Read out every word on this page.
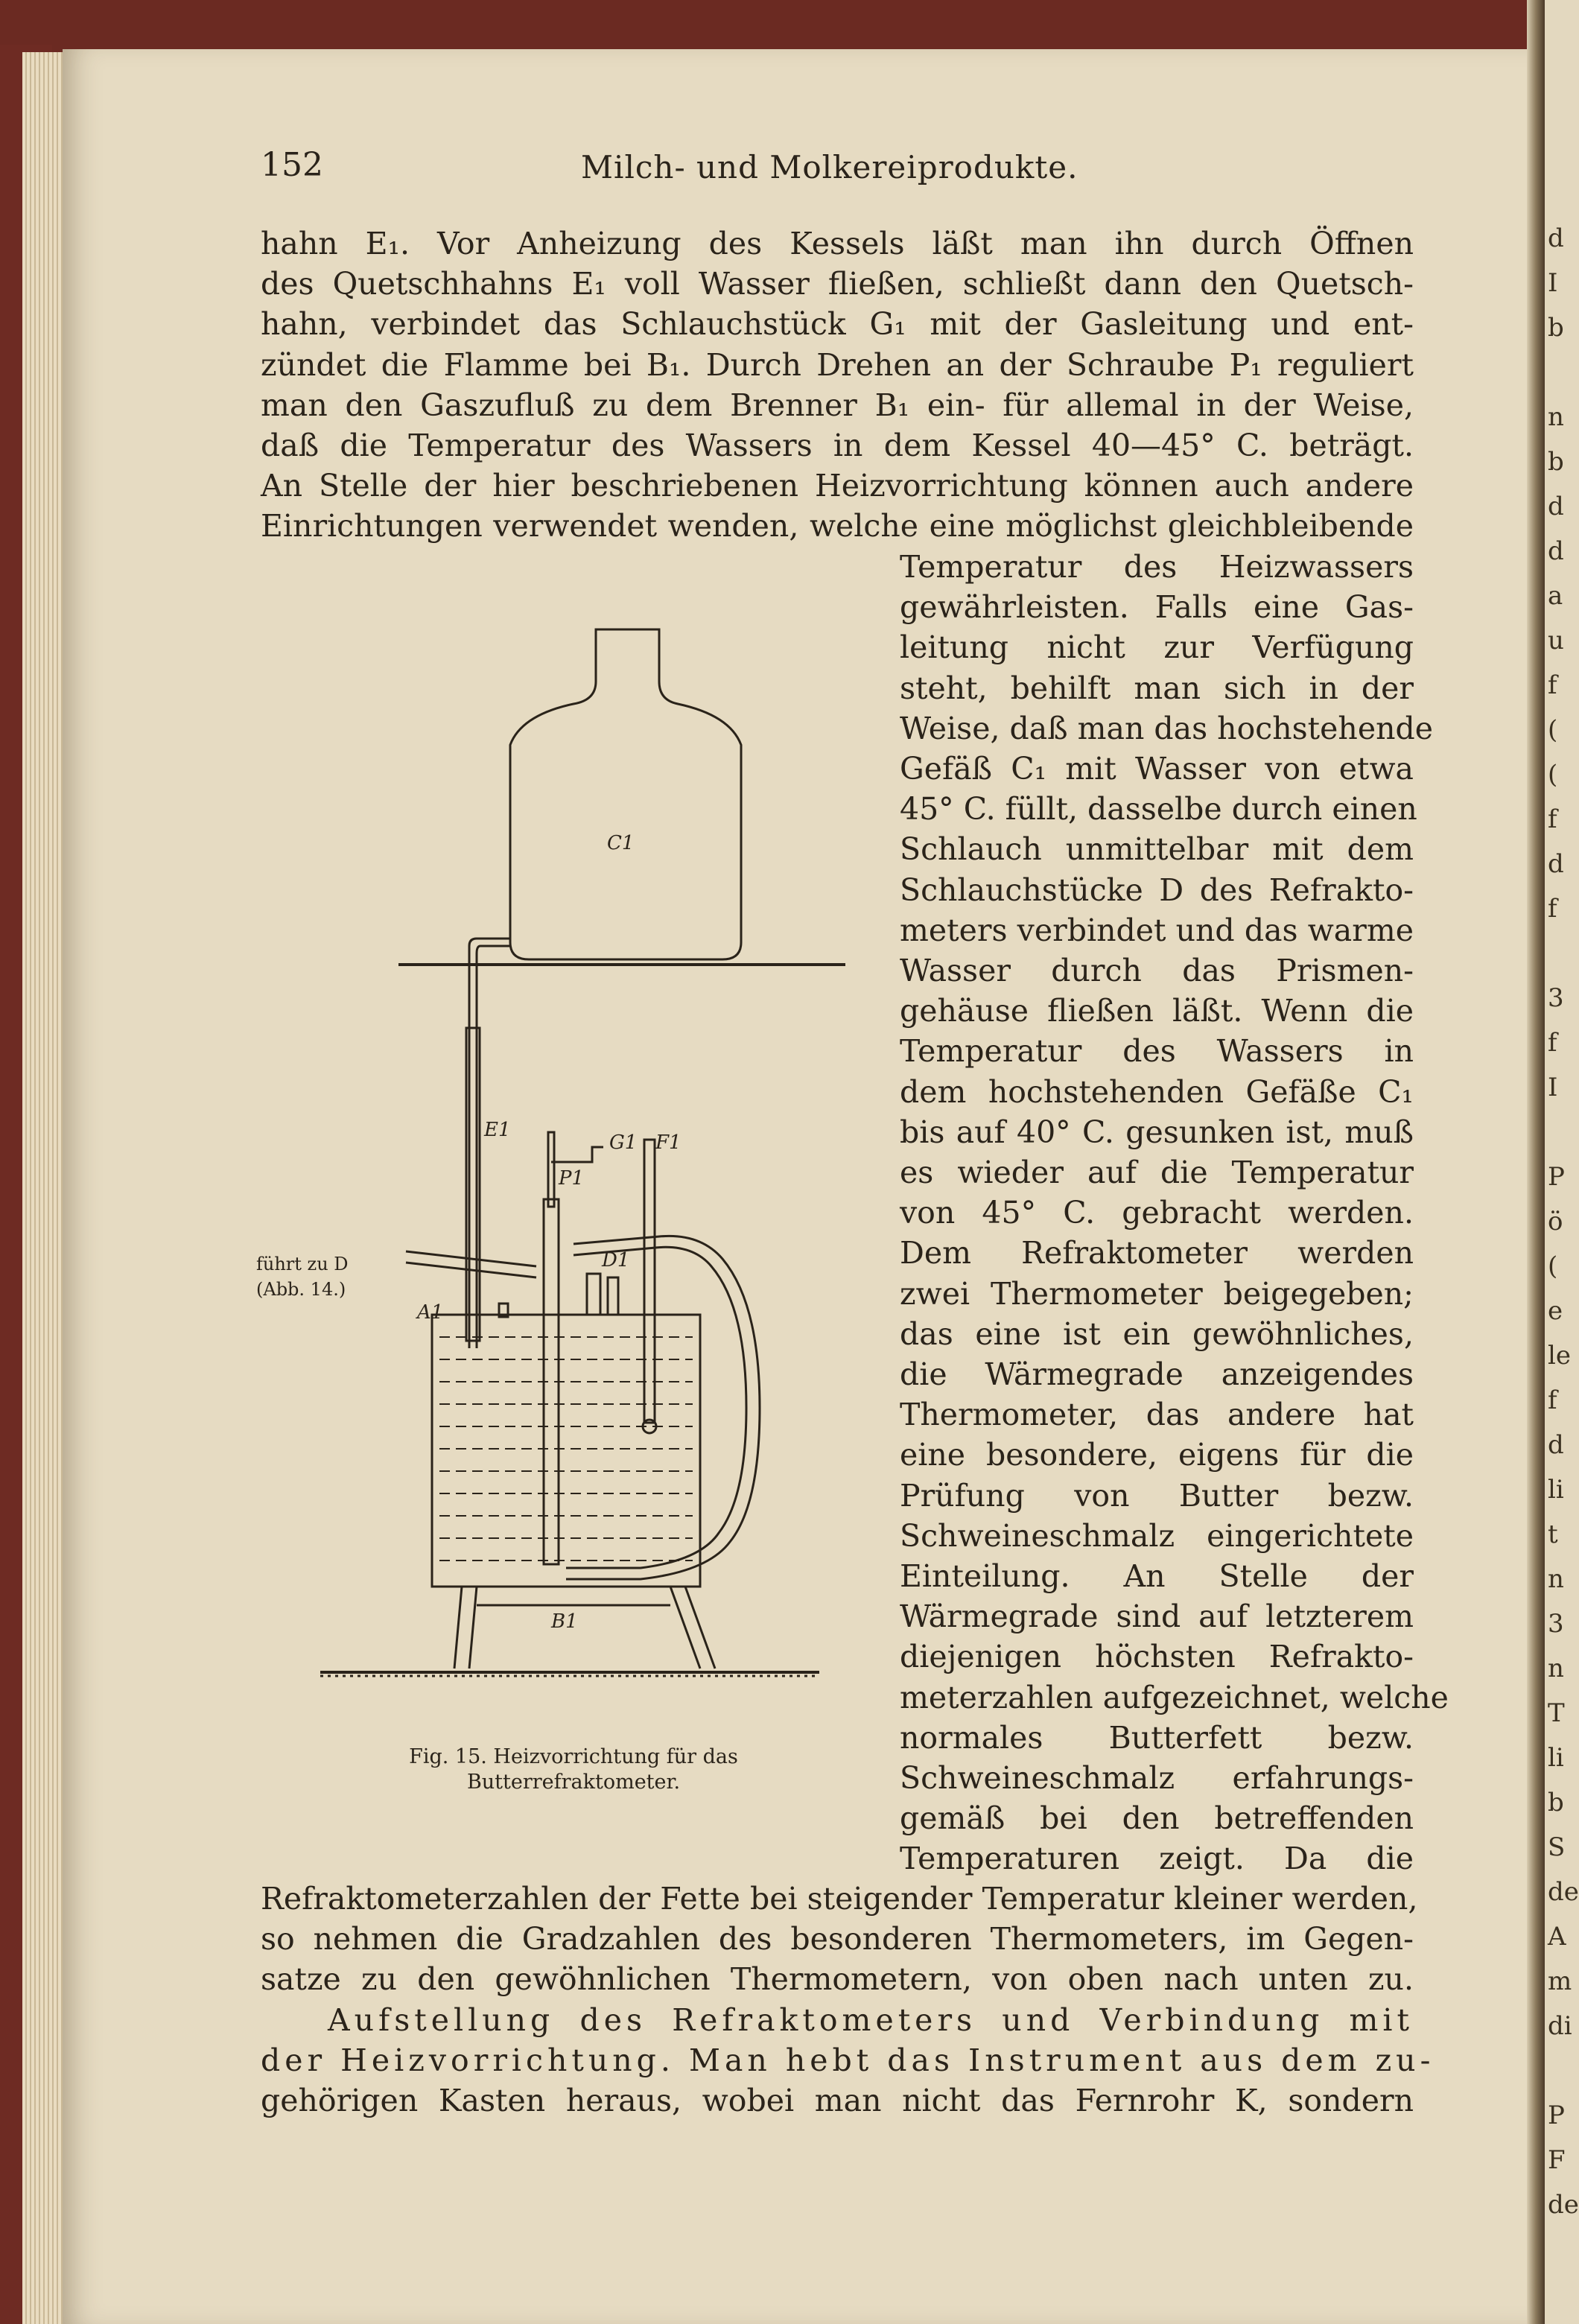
152	Milch- und Molkereiprodukte.
hahn E₁. Vor Anheizung des Kessels läßt man ihn durch Öffnen
des Quetschhahns E₁ voll Wasser fließen, schließt dann den Quetsch-
hahn, verbindet das Schlauchstück G₁ mit der Gasleitung und ent-
zündet die Flamme bei B₁. Durch Drehen an der Schraube P₁ reguliert
man den Gaszufluß zu dem Brenner B₁ ein- für allemal in der Weise,
daß die Temperatur des Wassers in dem Kessel 40—45° C. beträgt.
An Stelle der hier beschriebenen Heizvorrichtung können auch andere
Einrichtungen verwendet wenden, welche eine möglichst gleichbleibende
Temperatur des Heizwassers
gewährleisten. Falls eine Gas-
leitung nicht zur Verfügung
steht, behilft man sich in der
Weise, daß man das hochstehende
Gefäß C₁ mit Wasser von etwa
45° C. füllt, dasselbe durch einen
Schlauch unmittelbar mit dem
Schlauchstücke D des Refrakto-
meters verbindet und das warme
Wasser durch das Prismen-
gehäuse fließen läßt. Wenn die
Temperatur des Wassers in
dem hochstehenden Gefäße C₁
bis auf 40° C. gesunken ist, muß
es wieder auf die Temperatur
von 45° C. gebracht werden.
Dem Refraktometer werden
zwei Thermometer beigegeben;
das eine ist ein gewöhnliches,
die Wärmegrade anzeigendes
Thermometer, das andere hat
eine besondere, eigens für die
Prüfung von Butter bezw.
Schweineschmalz eingerichtete
Einteilung. An Stelle der
Wärmegrade sind auf letzterem
diejenigen höchsten Refrakto-
meterzahlen aufgezeichnet, welche
normales Butterfett bezw.
Schweineschmalz erfahrungs-
gemäß bei den betreffenden
Temperaturen zeigt. Da die
Refraktometerzahlen der Fette bei steigender Temperatur kleiner werden,
so nehmen die Gradzahlen des besonderen Thermometers, im Gegen-
satze zu den gewöhnlichen Thermometern, von oben nach unten zu.
Aufstellung des Refraktometers und Verbindung mit
der Heizvorrichtung. Man hebt das Instrument aus dem zu-
gehörigen Kasten heraus, wobei man nicht das Fernrohr K, sondern
C1
E1
G1 F1
P1
D1
A1
B1
führt zu D
(Abb. 14.)
Fig. 15. Heizvorrichtung für das
Butterrefraktometer.
d
I
b
n
b
d
d
a
u
f
(
(
f
d
f
3
f
I
P
ö
(
e
le
f
d
li
t
n
3
n
T
li
b
S
de
A
m
di
P
F
de
